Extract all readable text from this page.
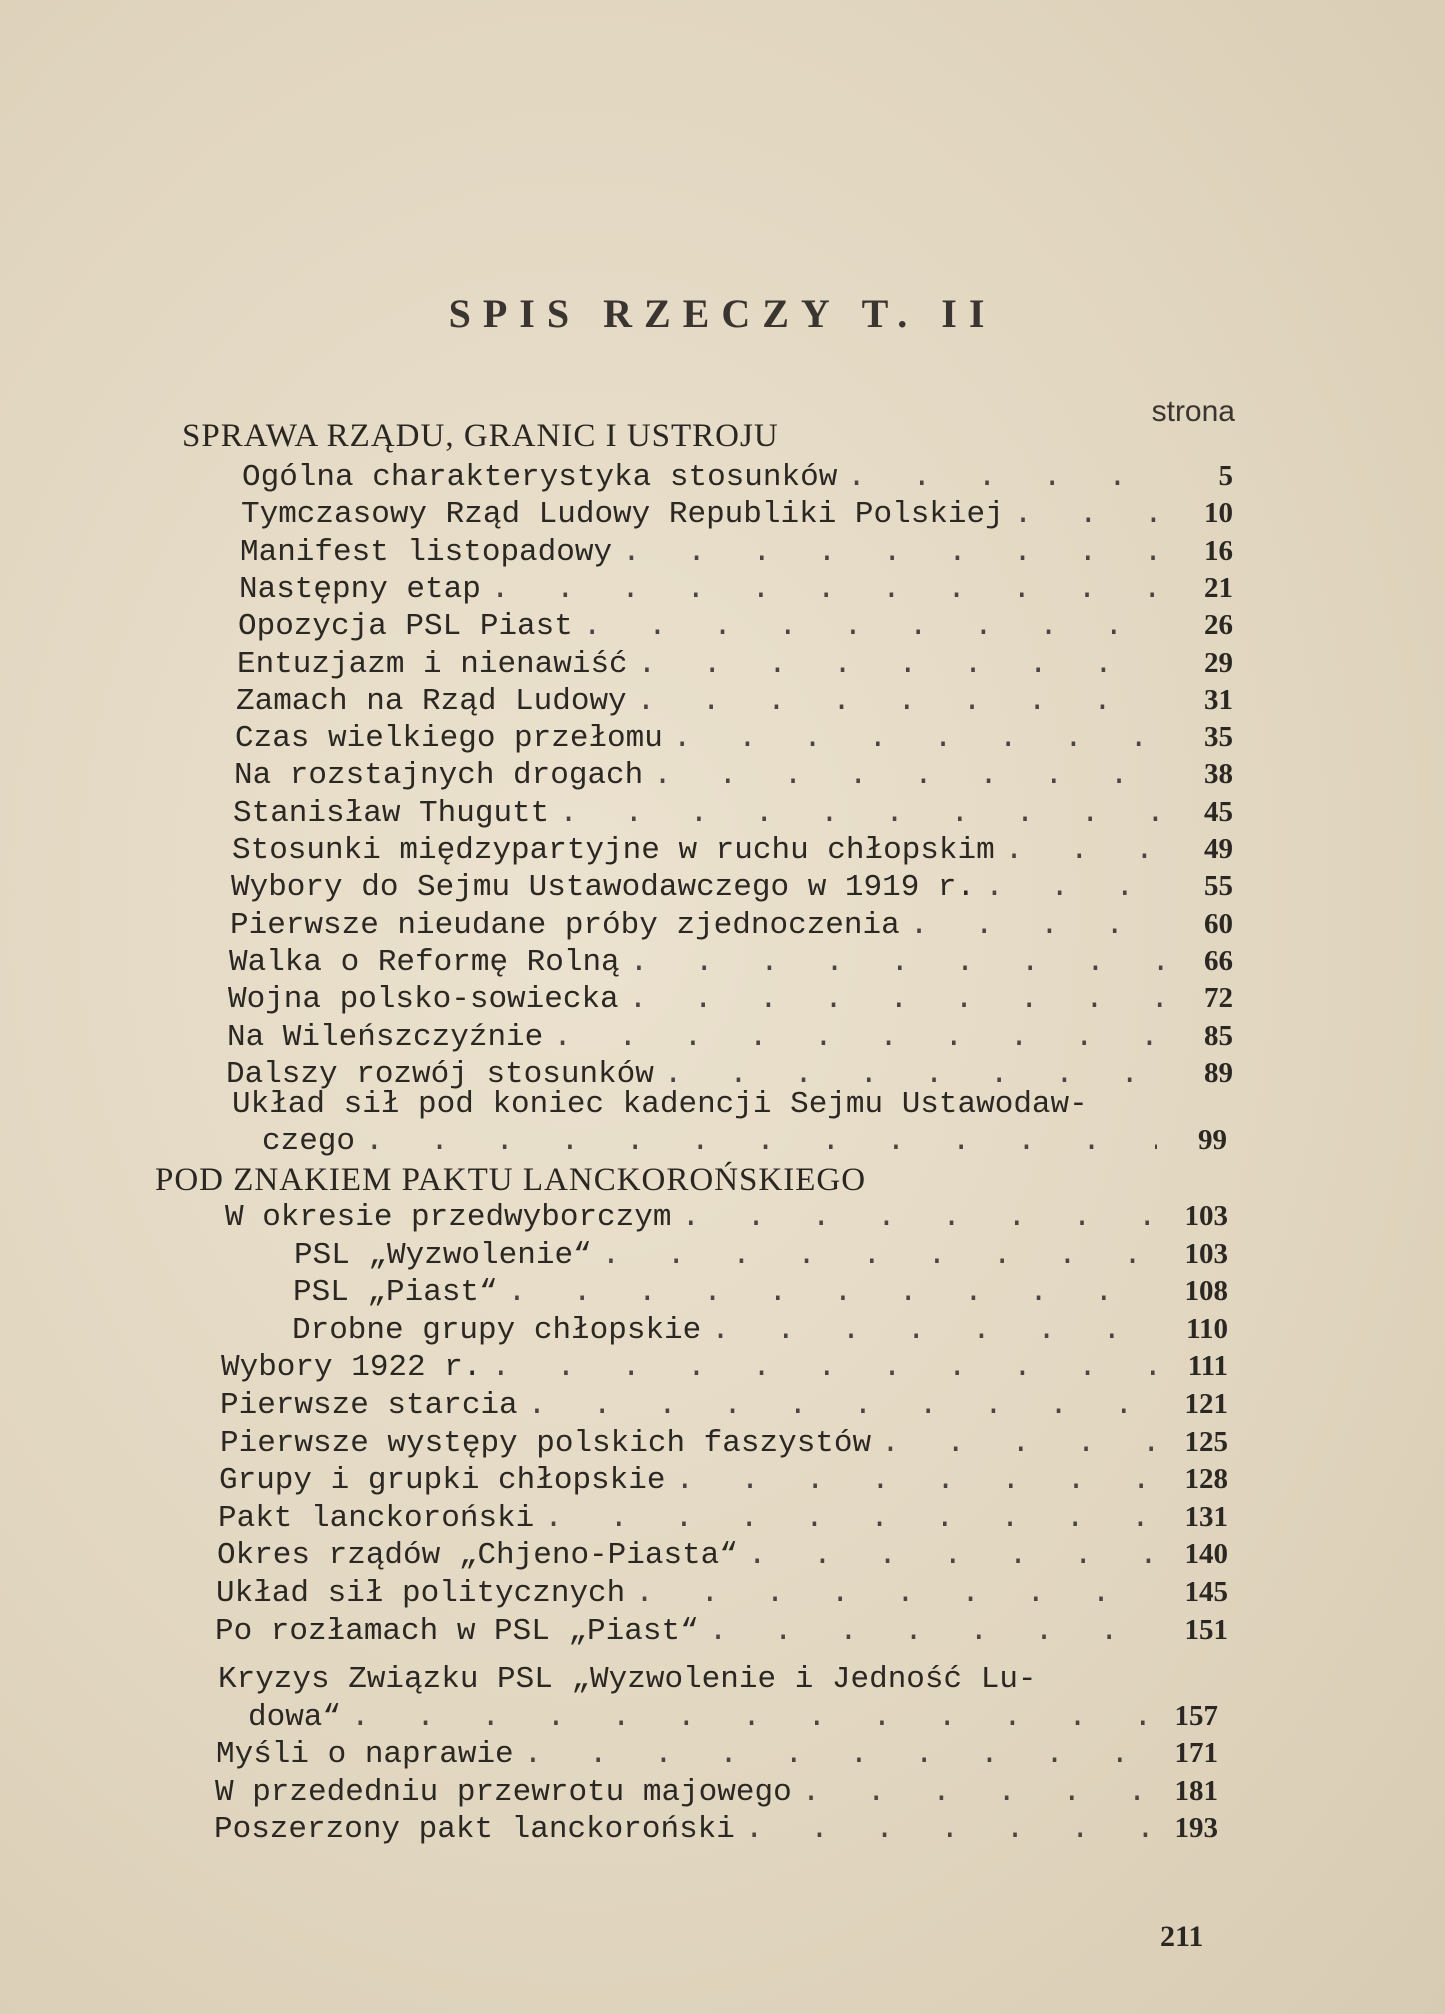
SPIS RZECZY T. II
strona
SPRAWA RZĄDU, GRANIC I USTROJU
Ogólna charakterystyka stosunków . . .	5
Tymczasowy Rząd Ludowy Republiki Polskiej . . .	10
Manifest listopadowy . . .	16
Następny etap . . .	21
Opozycja PSL Piast . . .	26
Entuzjazm i nienawiść . . .	29
Zamach na Rząd Ludowy . . .	31
Czas wielkiego przełomu . . .	35
Na rozstajnych drogach . . .	38
Stanisław Thugutt . . .	45
Stosunki międzypartyjne w ruchu chłopskim . . .	49
Wybory do Sejmu Ustawodawczego w 1919 r. . . .	55
Pierwsze nieudane próby zjednoczenia . . .	60
Walka o Reformę Rolną . . .	66
Wojna polsko-sowiecka . . .	72
Na Wileńszczyźnie . . .	85
Dalszy rozwój stosunków . . .	89
W okresie przedwyborczym . . .	103
PSL „Wyzwolenie“ . . .	103
PSL „Piast“ . . .	108
Drobne grupy chłopskie . . .	110
Wybory 1922 r. . . .	111
Pierwsze starcia . . .	121
Pierwsze występy polskich faszystów . . .	125
Grupy i grupki chłopskie . . .	128
Pakt lanckoroński . . .	131
Okres rządów „Chjeno-Piasta“ . . .	140
Układ sił politycznych . . .	145
Po rozłamach w PSL „Piast“ . . .	151
Myśli o naprawie . . .	171
W przededniu przewrotu majowego . . .	181
Poszerzony pakt lanckoroński . . .	193
Układ sił pod koniec kadencji Sejmu Ustawodaw-
czego . . .	99
POD ZNAKIEM PAKTU LANCKOROŃSKIEGO
Kryzys Związku PSL „Wyzwolenie i Jedność Lu-
dowa“ . . .	157
211
